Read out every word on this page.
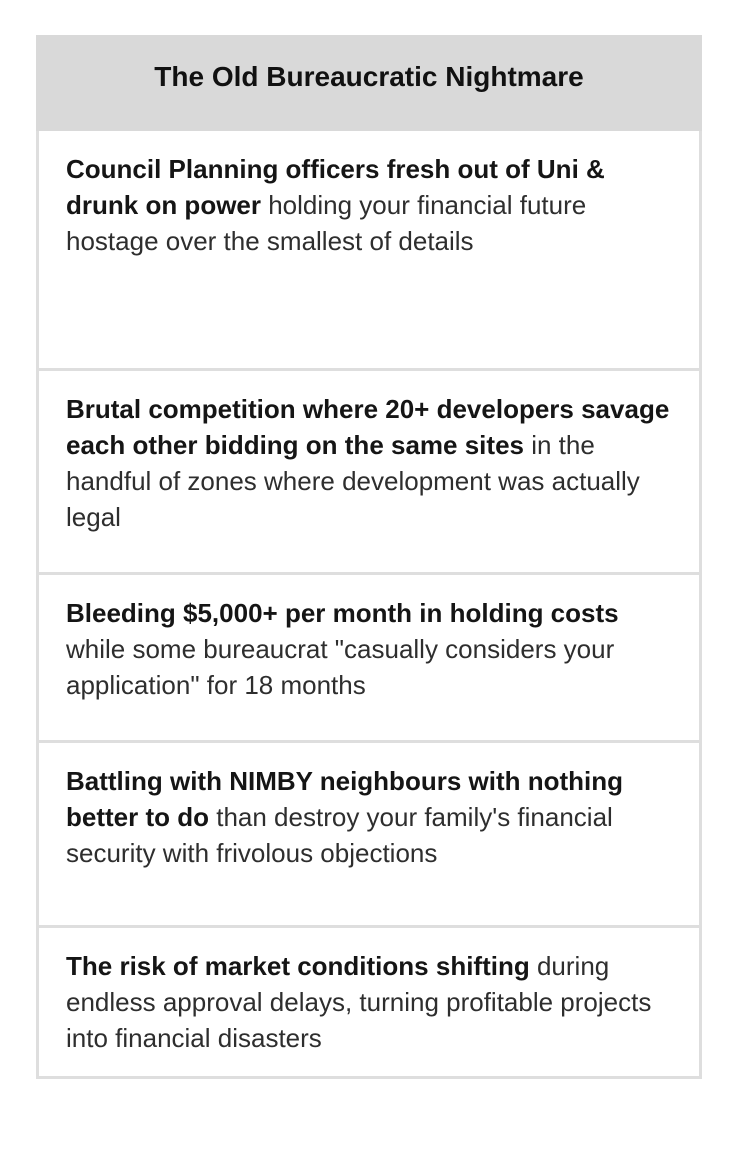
The Old Bureaucratic Nightmare

Council Planning officers fresh out of Uni & drunk on power holding your financial future hostage over the smallest of details

Brutal competition where 20+ developers savage each other bidding on the same sites in the handful of zones where development was actually legal

Bleeding $5,000+ per month in holding costs while some bureaucrat "casually considers your application" for 18 months

Battling with NIMBY neighbours with nothing better to do than destroy your family's financial security with frivolous objections

The risk of market conditions shifting during endless approval delays, turning profitable projects into financial disasters
